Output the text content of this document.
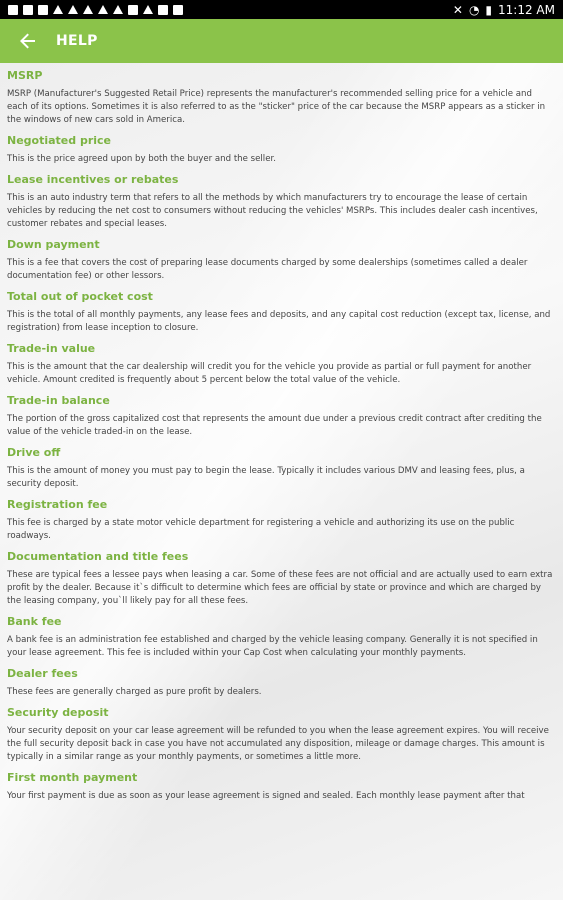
✕ ◔ ▮ 11:12 AM
HELP
MSRP
MSRP (Manufacturer's Suggested Retail Price) represents the manufacturer's recommended selling price for a vehicle and each of its options. Sometimes it is also referred to as the "sticker" price of the car because the MSRP appears as a sticker in the windows of new cars sold in America.
Negotiated price
This is the price agreed upon by both the buyer and the seller.
Lease incentives or rebates
This is an auto industry term that refers to all the methods by which manufacturers try to encourage the lease of certain vehicles by reducing the net cost to consumers without reducing the vehicles' MSRPs. This includes dealer cash incentives, customer rebates and special leases.
Down payment
This is a fee that covers the cost of preparing lease documents charged by some dealerships (sometimes called a dealer documentation fee) or other lessors.
Total out of pocket cost
This is the total of all monthly payments, any lease fees and deposits, and any capital cost reduction (except tax, license, and registration) from lease inception to closure.
Trade-in value
This is the amount that the car dealership will credit you for the vehicle you provide as partial or full payment for another vehicle. Amount credited is frequently about 5 percent below the total value of the vehicle.
Trade-in balance
The portion of the gross capitalized cost that represents the amount due under a previous credit contract after crediting the value of the vehicle traded-in on the lease.
Drive off
This is the amount of money you must pay to begin the lease. Typically it includes various DMV and leasing fees, plus, a security deposit.
Registration fee
This fee is charged by a state motor vehicle department for registering a vehicle and authorizing its use on the public roadways.
Documentation and title fees
These are typical fees a lessee pays when leasing a car. Some of these fees are not official and are actually used to earn extra profit by the dealer. Because it`s difficult to determine which fees are official by state or province and which are charged by the leasing company, you`ll likely pay for all these fees.
Bank fee
A bank fee is an administration fee established and charged by the vehicle leasing company. Generally it is not specified in your lease agreement. This fee is included within your Cap Cost when calculating your monthly payments.
Dealer fees
These fees are generally charged as pure profit by dealers.
Security deposit
Your security deposit on your car lease agreement will be refunded to you when the lease agreement expires. You will receive the full security deposit back in case you have not accumulated any disposition, mileage or damage charges. This amount is typically in a similar range as your monthly payments, or sometimes a little more.
First month payment
Your first payment is due as soon as your lease agreement is signed and sealed. Each monthly lease payment after that
